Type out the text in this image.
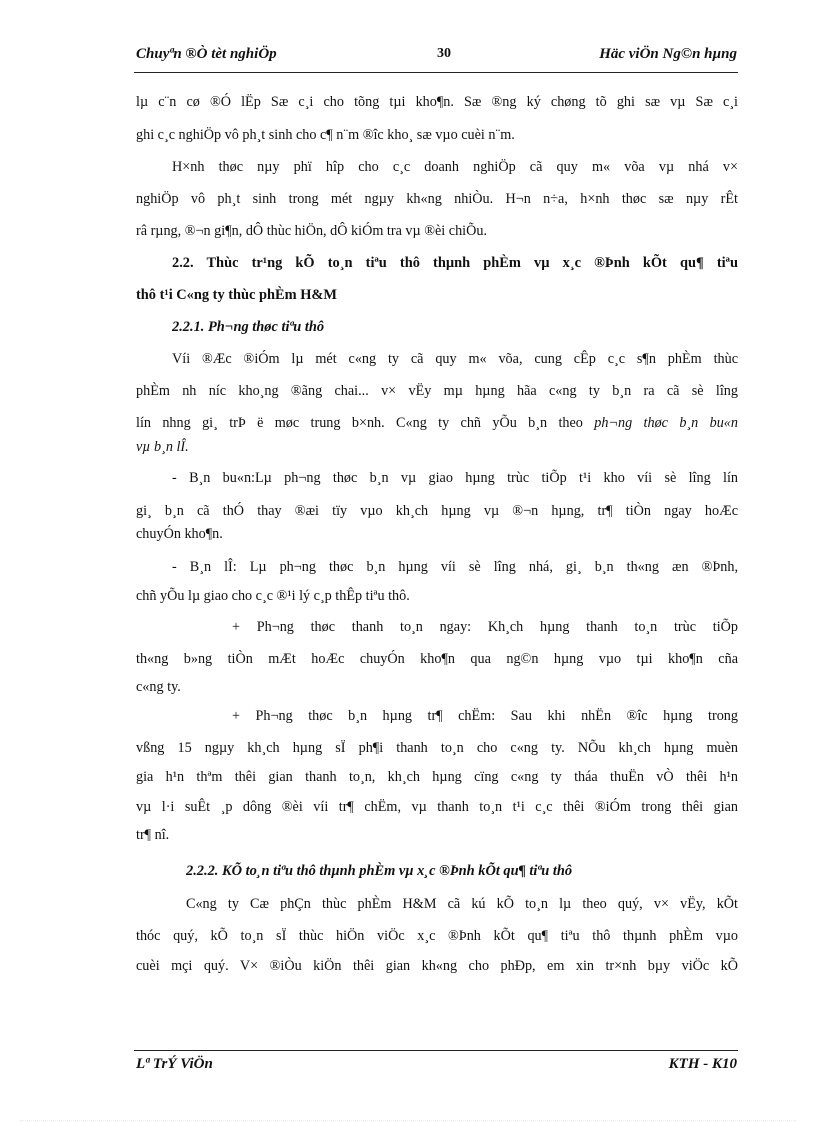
Chuyªn ®Ò tèt nghiÖp	30	Häc viÖn Ng©n hµng
lµ c¨n cø ®Ó lËp Sæ c¸i cho tõng tµi kho¶n. Sæ ®ng ký chøng tõ ghi sæ vµ Sæ c¸i
ghi c¸c nghiÖp vô ph¸t sinh cho c¶ n¨m ®îc kho¸ sæ vµo cuèi n¨m.
H×nh thøc nµy phï hîp cho c¸c doanh nghiÖp cã quy m« võa vµ nhá v×
nghiÖp vô ph¸t sinh trong mét ngµy kh«ng nhiÒu. H¬n n÷a, h×nh thøc sæ nµy rÊt
râ rµng, ®¬n gi¶n, dÔ thùc hiÖn, dÔ kiÓm tra vµ ®èi chiÕu.
2.2. Thùc tr¹ng kÕ to¸n tiªu thô thµnh phÈm vµ x¸c ®Þnh kÕt qu¶ tiªu
thô t¹i C«ng ty thùc phÈm H&M
2.2.1. Ph¬ng thøc tiªu thô
Víi ®Æc ®iÓm lµ mét c«ng ty cã quy m« võa, cung cÊp c¸c s¶n phÈm thùc
phÈm nh níc kho¸ng ®ãng chai... v× vËy mµ hµng hãa c«ng ty b¸n ra cã sè lîng
lín nhng gi¸ trÞ ë møc trung b×nh. C«ng ty chñ yÕu b¸n theo ph¬ng thøc b¸n bu«n
vµ b¸n lÎ.
- B¸n bu«n:Lµ ph¬ng thøc b¸n vµ giao hµng trùc tiÕp t¹i kho víi sè lîng lín
gi¸ b¸n cã thÓ thay ®æi tïy vµo kh¸ch hµng vµ ®¬n hµng, tr¶ tiÒn ngay hoÆc
chuyÓn kho¶n.
- B¸n lÎ: Lµ ph¬ng thøc b¸n hµng víi sè lîng nhá, gi¸ b¸n th«ng æn ®Þnh,
chñ yÕu lµ giao cho c¸c ®¹i lý c¸p thÊp tiªu thô.
+ Ph¬ng thøc thanh to¸n ngay: Kh¸ch hµng thanh to¸n trùc tiÕp
th«ng b»ng tiÒn mÆt hoÆc chuyÓn kho¶n qua ng©n hµng vµo tµi kho¶n cña
c«ng ty.
+ Ph¬ng thøc b¸n hµng tr¶ chËm: Sau khi nhËn ®îc hµng trong
vßng 15 ngµy kh¸ch hµng sÏ ph¶i thanh to¸n cho c«ng ty. NÕu kh¸ch hµng muèn
gia h¹n thªm thêi gian thanh to¸n, kh¸ch hµng cïng c«ng ty tháa thuËn vÒ thêi h¹n
vµ l·i suÊt ¸p dông ®èi víi tr¶ chËm, vµ thanh to¸n t¹i c¸c thêi ®iÓm trong thêi gian
tr¶ nî.
2.2.2. KÕ to¸n tiªu thô thµnh phÈm vµ x¸c ®Þnh kÕt qu¶ tiªu thô
C«ng ty Cæ phÇn thùc phÈm H&M cã kú kÕ to¸n lµ theo quý, v× vËy, kÕt
thóc quý, kÕ to¸n sÏ thùc hiÖn viÖc x¸c ®Þnh kÕt qu¶ tiªu thô thµnh phÈm vµo
cuèi mçi quý. V× ®iÒu kiÖn thêi gian kh«ng cho phÐp, em xin tr×nh bµy viÖc kÕ
Lª TrÝ ViÖn	KTH - K10
